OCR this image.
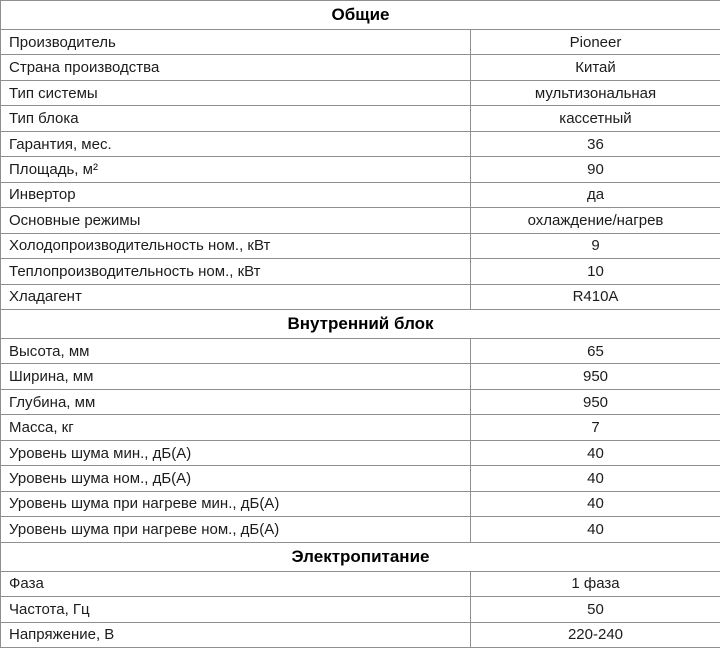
Общие
Производитель	Pioneer
Страна производства	Китай
Тип системы	мультизональная
Тип блока	кассетный
Гарантия, мес.	36
Площадь, м²	90
Инвертор	да
Основные режимы	охлаждение/нагрев
Холодопроизводительность ном., кВт	9
Теплопроизводительность ном., кВт	10
Хладагент	R410A
Внутренний блок
Высота, мм	65
Ширина, мм	950
Глубина, мм	950
Масса, кг	7
Уровень шума мин., дБ(А)	40
Уровень шума ном., дБ(А)	40
Уровень шума при нагреве мин., дБ(А)	40
Уровень шума при нагреве ном., дБ(А)	40
Электропитание
Фаза	1 фаза
Частота, Гц	50
Напряжение, В	220-240
